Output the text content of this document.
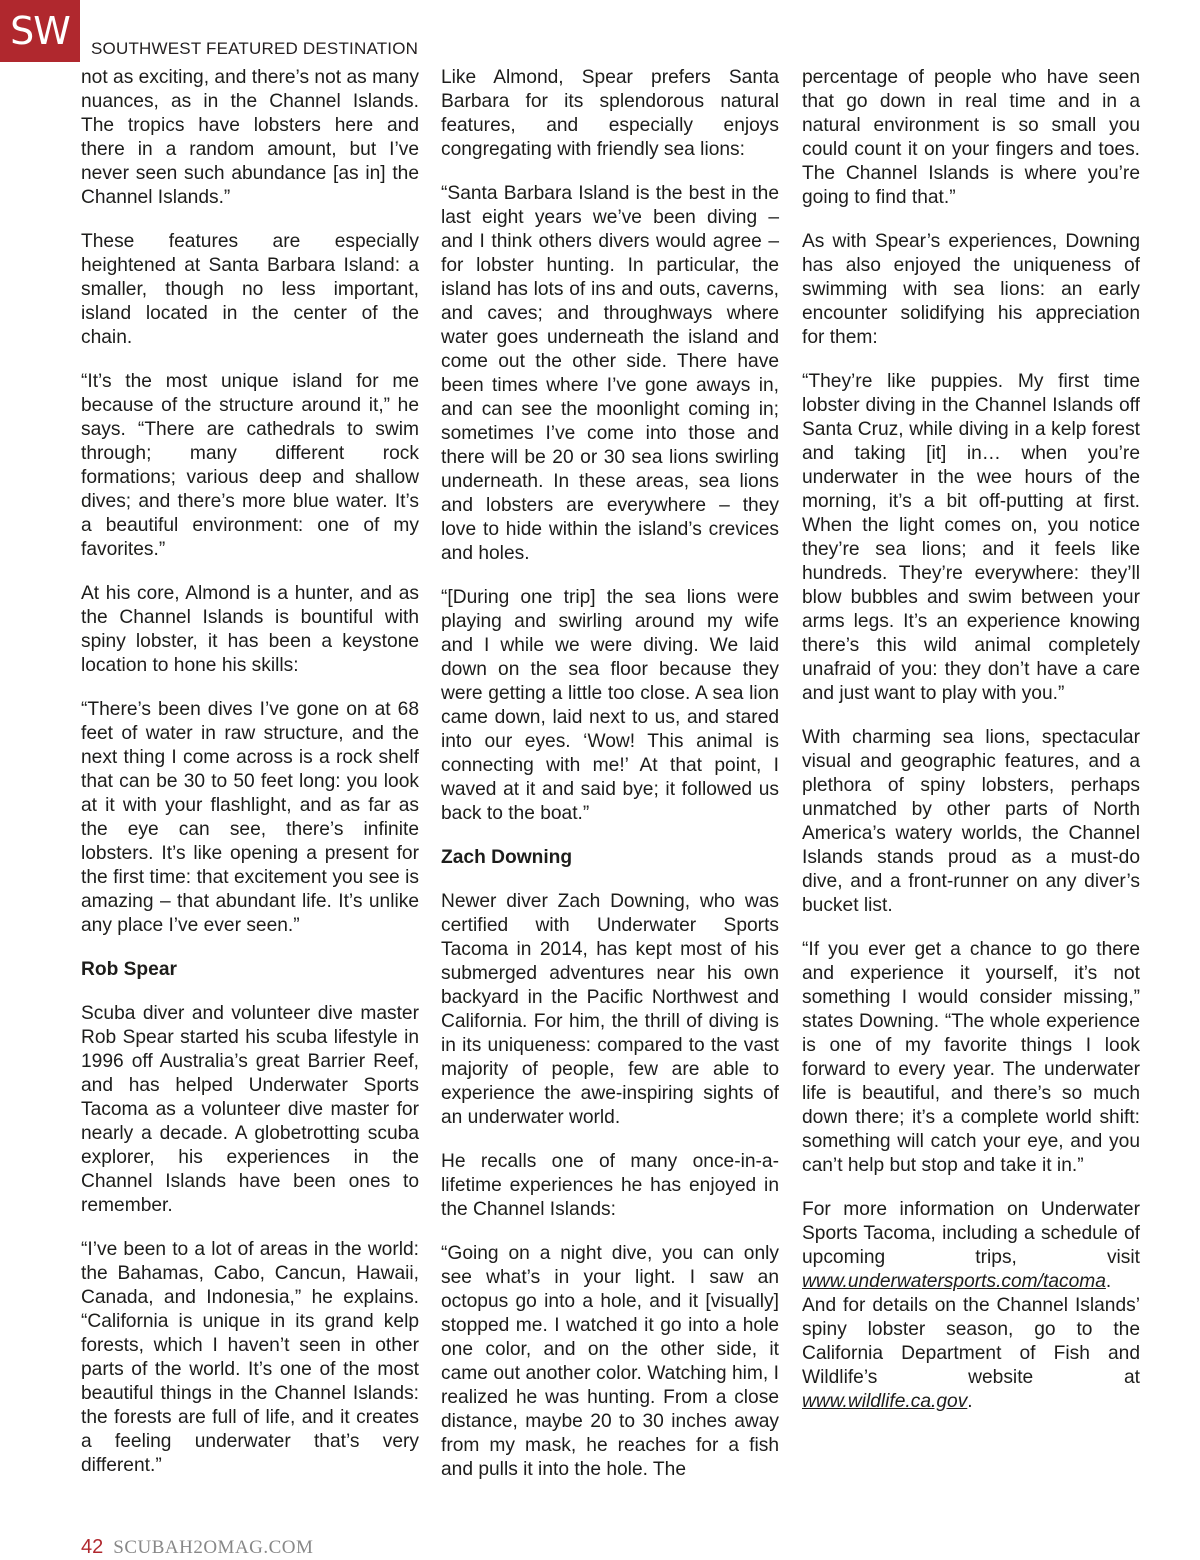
SW	SOUTHWEST FEATURED DESTINATION

not as exciting, and there’s not as many nuances, as in the Channel Islands. The tropics have lobsters here and there in a random amount, but I’ve never seen such abundance [as in] the Channel Islands.”

These features are especially heightened at Santa Barbara Island: a smaller, though no less important, island located in the center of the chain.

“It’s the most unique island for me because of the structure around it,” he says. “There are cathedrals to swim through; many different rock formations; various deep and shallow dives; and there’s more blue water. It’s a beautiful environment: one of my favorites.”

At his core, Almond is a hunter, and as the Channel Islands is bountiful with spiny lobster, it has been a keystone location to hone his skills:

“There’s been dives I’ve gone on at 68 feet of water in raw structure, and the next thing I come across is a rock shelf that can be 30 to 50 feet long: you look at it with your flashlight, and as far as the eye can see, there’s infinite lobsters. It’s like opening a present for the first time: that excitement you see is amazing – that abundant life. It’s unlike any place I’ve ever seen.”

Rob Spear

Scuba diver and volunteer dive master Rob Spear started his scuba lifestyle in 1996 off Australia’s great Barrier Reef, and has helped Underwater Sports Tacoma as a volunteer dive master for nearly a decade. A globetrotting scuba explorer, his experiences in the Channel Islands have been ones to remember.

“I’ve been to a lot of areas in the world: the Bahamas, Cabo, Cancun, Hawaii, Canada, and Indonesia,” he explains. “California is unique in its grand kelp forests, which I haven’t seen in other parts of the world. It’s one of the most beautiful things in the Channel Islands: the forests are full of life, and it creates a feeling underwater that’s very different.”

Like Almond, Spear prefers Santa Barbara for its splendorous natural features, and especially enjoys congregating with friendly sea lions:

“Santa Barbara Island is the best in the last eight years we’ve been diving – and I think others divers would agree – for lobster hunting. In particular, the island has lots of ins and outs, caverns, and caves; and throughways where water goes underneath the island and come out the other side. There have been times where I’ve gone aways in, and can see the moonlight coming in; sometimes I’ve come into those and there will be 20 or 30 sea lions swirling underneath. In these areas, sea lions and lobsters are everywhere – they love to hide within the island’s crevices and holes.

“[During one trip] the sea lions were playing and swirling around my wife and I while we were diving. We laid down on the sea floor because they were getting a little too close. A sea lion came down, laid next to us, and stared into our eyes. ‘Wow! This animal is connecting with me!’ At that point, I waved at it and said bye; it followed us back to the boat.”

Zach Downing

Newer diver Zach Downing, who was certified with Underwater Sports Tacoma in 2014, has kept most of his submerged adventures near his own backyard in the Pacific Northwest and California. For him, the thrill of diving is in its uniqueness: compared to the vast majority of people, few are able to experience the awe-inspiring sights of an underwater world.

He recalls one of many once-in-a-lifetime experiences he has enjoyed in the Channel Islands:

“Going on a night dive, you can only see what’s in your light. I saw an octopus go into a hole, and it [visually] stopped me. I watched it go into a hole one color, and on the other side, it came out another color. Watching him, I realized he was hunting. From a close distance, maybe 20 to 30 inches away from my mask, he reaches for a fish and pulls it into the hole. The

percentage of people who have seen that go down in real time and in a natural environment is so small you could count it on your fingers and toes. The Channel Islands is where you’re going to find that.”

As with Spear’s experiences, Downing has also enjoyed the uniqueness of swimming with sea lions: an early encounter solidifying his appreciation for them:

“They’re like puppies. My first time lobster diving in the Channel Islands off Santa Cruz, while diving in a kelp forest and taking [it] in… when you’re underwater in the wee hours of the morning, it’s a bit off-putting at first. When the light comes on, you notice they’re sea lions; and it feels like hundreds. They’re everywhere: they’ll blow bubbles and swim between your arms legs. It’s an experience knowing there’s this wild animal completely unafraid of you: they don’t have a care and just want to play with you.”

With charming sea lions, spectacular visual and geographic features, and a plethora of spiny lobsters, perhaps unmatched by other parts of North America’s watery worlds, the Channel Islands stands proud as a must-do dive, and a front-runner on any diver’s bucket list.

“If you ever get a chance to go there and experience it yourself, it’s not something I would consider missing,” states Downing. “The whole experience is one of my favorite things I look forward to every year. The underwater life is beautiful, and there’s so much down there; it’s a complete world shift: something will catch your eye, and you can’t help but stop and take it in.”

For more information on Underwater Sports Tacoma, including a schedule of upcoming trips, visit www.underwatersports.com/tacoma. And for details on the Channel Islands’ spiny lobster season, go to the California Department of Fish and Wildlife’s website at www.wildlife.ca.gov.

42 SCUBAH2OMAG.COM
